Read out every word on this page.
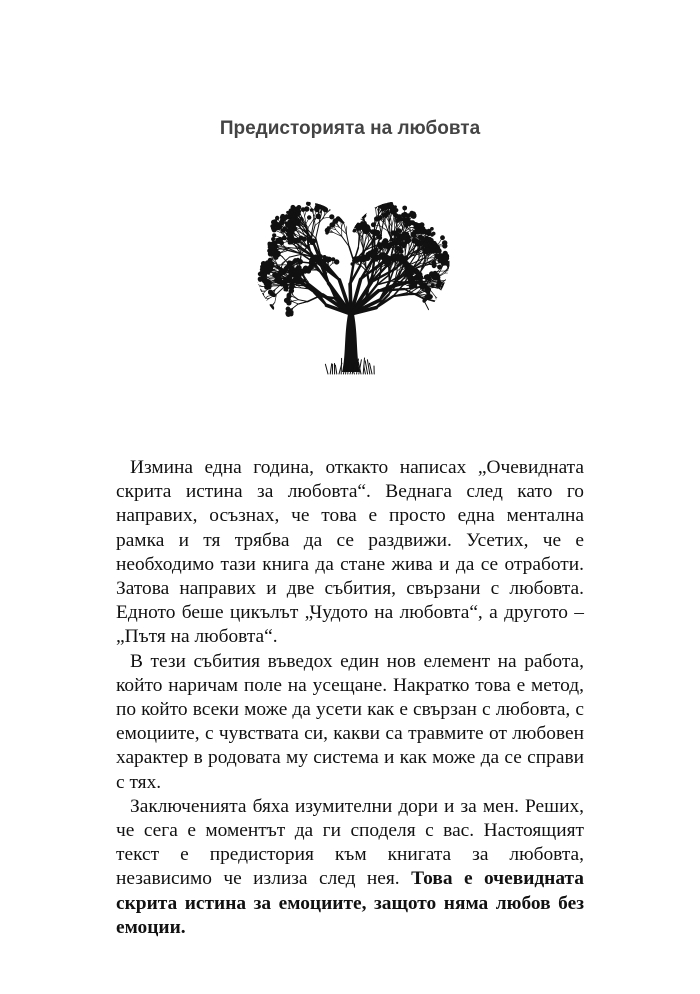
Предисторията на любовта

Измина една година, откакто написах „Очевидната скрита истина за любовта“. Веднага след като го направих, осъзнах, че това е просто една ментална рамка и тя трябва да се раздвижи. Усетих, че е необходимо тази книга да стане жива и да се отработи. Затова направих и две събития, свързани с любовта. Едното беше цикълът „Чудото на любовта“, а другото – „Пътя на любовта“.

В тези събития въведох един нов елемент на работа, който наричам поле на усещане. Накратко това е метод, по който всеки може да усети как е свързан с любовта, с емоциите, с чувствата си, какви са травмите от любовен характер в родовата му система и как може да се справи с тях.

Заключенията бяха изумителни дори и за мен. Реших, че сега е моментът да ги споделя с вас. Настоящият текст е предистория към книгата за любовта, независимо че излиза след нея. Това е очевидната скрита истина за емоциите, защото няма любов без емоции.
